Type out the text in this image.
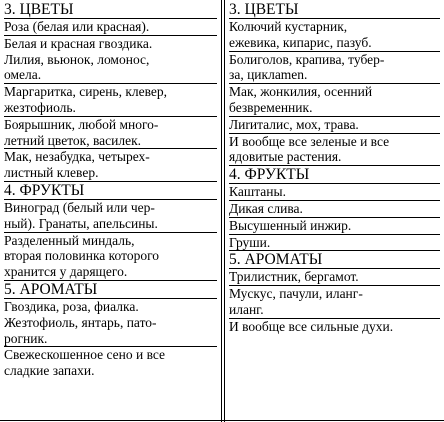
3. ЦВЕТЫ

Роза (белая или красная).
Белая и красная гвоздика.
Лилия, вьюнок, ломонос,
омела.
Маргаритка, сирень, клевер,
жезтофиоль.
Боярышник, любой много-
летний цветок, василек.
Мак, незабудка, четырех-
листный клевер.

4. ФРУКТЫ

Виноград (белый или чер-
ный). Гранаты, апельсины.
Разделенный миндаль,
вторая половинка которого
хранится у дарящего.

5. АРОМАТЫ

Гвоздика, роза, фиалка.
Жезтофиоль, янтарь, пато-
рогник.
Свежескошенное сено и все
сладкие запахи.

3. ЦВЕТЫ

Колючий кустарник,
ежевика, кипарис, пазуб.
Болиголов, крапива, тубер-
за, циклamen.
Мак, жонкилия, осенний
безвременник.
Лиrиталис, мох, трава.
И вообще все зеленые и все
ядовитые растения.

4. ФРУКТЫ

Каштаны.
Дикая слива.
Высушенный инжир.
Груши.

5. АРОМАТЫ

Трилистник, бергамот.
Мускус, пачули, иланг-
иланг.
И вообще все сильные духи.
